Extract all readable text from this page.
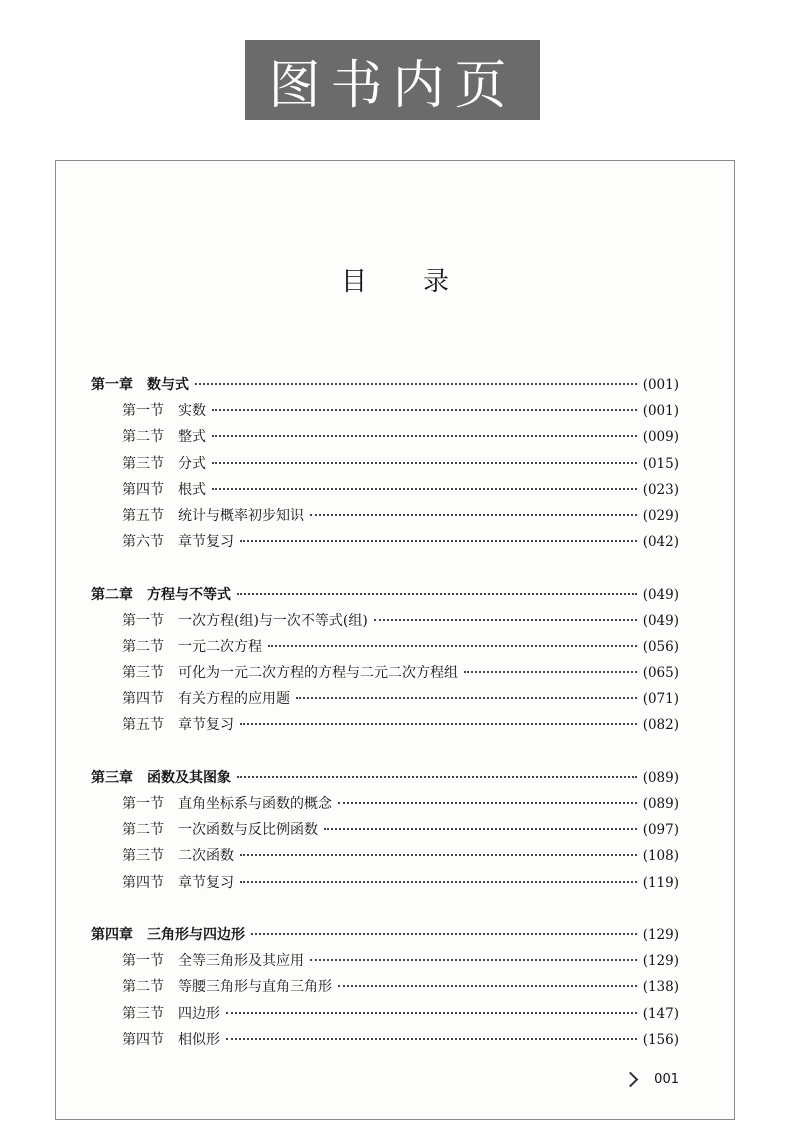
图书内页
目录
第一章 数与式	(001)
第一节 实数	(001)
第二节 整式	(009)
第三节 分式	(015)
第四节 根式	(023)
第五节 统计与概率初步知识	(029)
第六节 章节复习	(042)
第二章 方程与不等式	(049)
第一节 一次方程(组)与一次不等式(组)	(049)
第二节 一元二次方程	(056)
第三节 可化为一元二次方程的方程与二元二次方程组	(065)
第四节 有关方程的应用题	(071)
第五节 章节复习	(082)
第三章 函数及其图象	(089)
第一节 直角坐标系与函数的概念	(089)
第二节 一次函数与反比例函数	(097)
第三节 二次函数	(108)
第四节 章节复习	(119)
第四章 三角形与四边形	(129)
第一节 全等三角形及其应用	(129)
第二节 等腰三角形与直角三角形	(138)
第三节 四边形	(147)
第四节 相似形	(156)
001
